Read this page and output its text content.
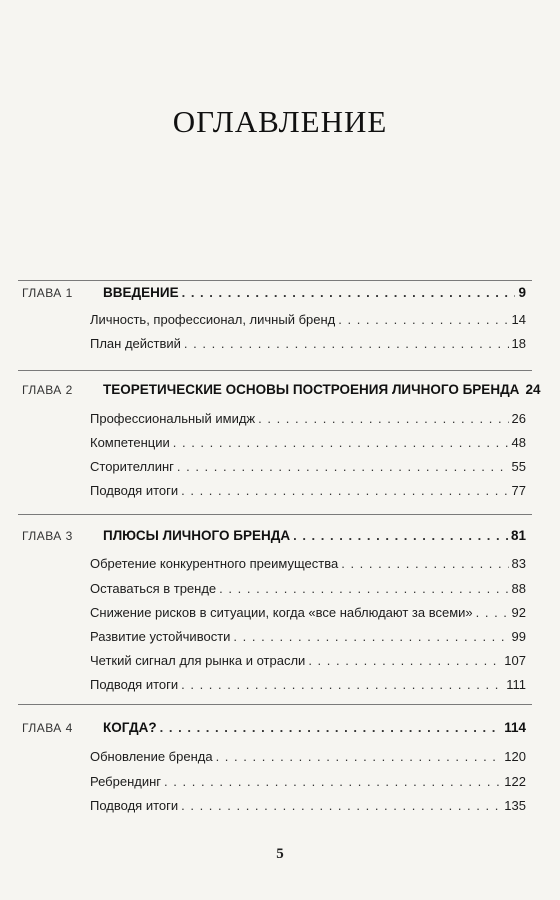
ОГЛАВЛЕНИЕ
ГЛАВА 1	ВВЕДЕНИЕ . . .	9
Личность, профессионал, личный бренд . . .	14
План действий . . .	18
ГЛАВА 2	ТЕОРЕТИЧЕСКИЕ ОСНОВЫ ПОСТРОЕНИЯ ЛИЧНОГО БРЕНДА 24
Профессиональный имидж . . .	26
Компетенции . . .	48
Сторителлинг . . .	55
Подводя итоги . . .	77
ГЛАВА 3	ПЛЮСЫ ЛИЧНОГО БРЕНДА . . .	81
Обретение конкурентного преимущества . . .	83
Оставаться в тренде . . .	88
Снижение рисков в ситуации, когда «все наблюдают за всеми» . . .	92
Развитие устойчивости . . .	99
Четкий сигнал для рынка и отрасли . . .	107
Подводя итоги . . .	111
ГЛАВА 4	КОГДА? . . .	114
Обновление бренда . . .	120
Ребрендинг . . .	122
Подводя итоги . . .	135
5
